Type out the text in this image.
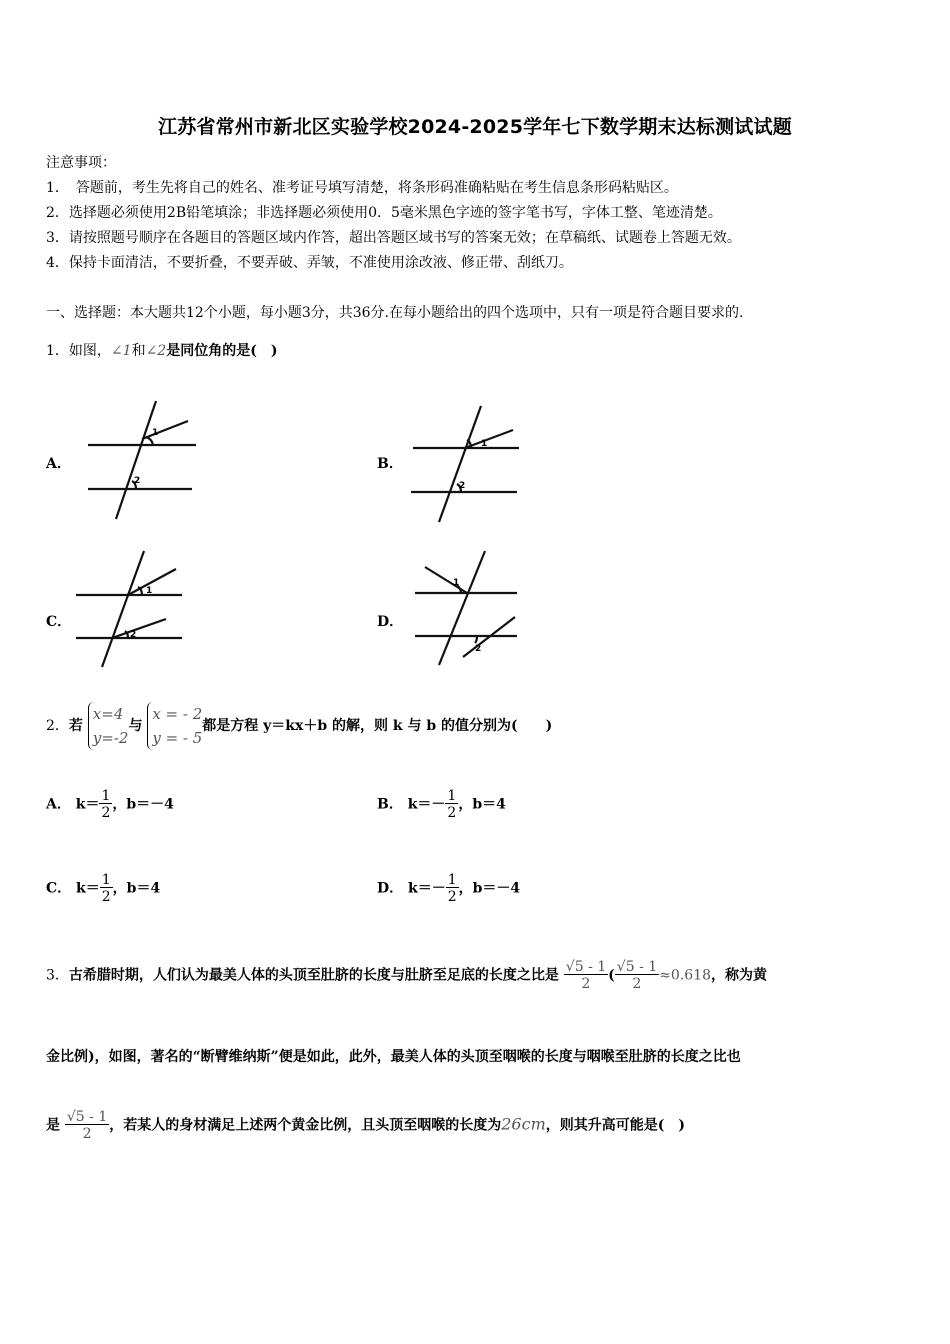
江苏省常州市新北区实验学校2024-2025学年七下数学期末达标测试试题
注意事项：
1．　答题前，考生先将自己的姓名、准考证号填写清楚，将条形码准确粘贴在考生信息条形码粘贴区。
2．选择题必须使用2B铅笔填涂；非选择题必须使用0．5毫米黑色字迹的签字笔书写，字体工整、笔迹清楚。
3．请按照题号顺序在各题目的答题区域内作答，超出答题区域书写的答案无效；在草稿纸、试题卷上答题无效。
4．保持卡面清洁，不要折叠，不要弄破、弄皱，不准使用涂改液、修正带、刮纸刀。
一、选择题：本大题共12个小题，每小题3分，共36分.在每小题给出的四个选项中，只有一项是符合题目要求的.
1．如图，∠1和∠2是同位角的是(　)
A．	B．
C．	D．
1
2
1
2
1
2
1
2
2．若
x=4
y=-2
与
x = - 2
y = - 5
都是方程 y＝kx＋b 的解，则 k 与 b 的值分别为(　　)
A． $k= \frac{1}{2}$ ，b＝－4	B． $k=- \frac{1}{2}$ ，b＝4
C． $k= \frac{1}{2}$ ，b＝4	D． $k=- \frac{1}{2}$ ，b＝－4
3．古希腊时期，人们认为最美人体的头顶至肚脐的长度与肚脐至足底的长度之比是 $\frac{√5 - 1}{2}$ ( $\frac{√5 - 1}{2} \approx 0.618$，称为黄
金比例)，如图，著名的“断臂维纳斯”便是如此，此外，最美人体的头顶至咽喉的长度与咽喉至肚脐的长度之比也
是 $\frac{√5 - 1}{2}$ ，若某人的身材满足上述两个黄金比例，且头顶至咽喉的长度为26cm，则其升高可能是(　)
